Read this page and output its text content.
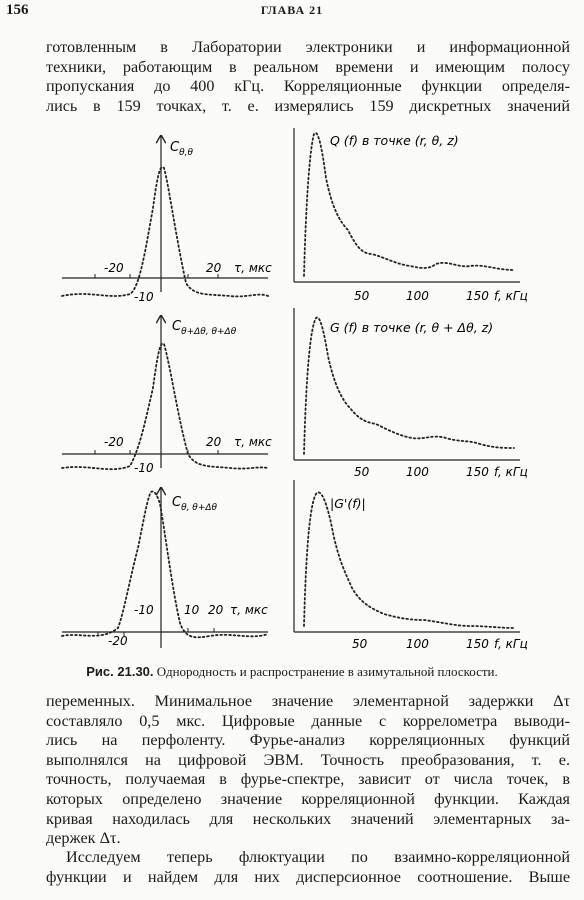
156	ГЛАВА 21
готовленным в Лаборатории электроники и информационной
техники, работающим в реальном времени и имеющим полосу
пропускания до 400 кГц. Корреляционные функции определя-
лись в 159 точках, т. е. измерялись 159 дискретных значений
$C_{\theta,\theta}$
-20
-10
20 τ, мкс
$C_{\theta+\Delta\theta, \theta+\Delta\theta}$
-20
-10
20 τ, мкс
$C_{\theta, \theta+\Delta\theta}$
-10
-20
10 20 τ, мкс
Q (f) в точке (r, θ, z)
50	100	150 f, кГц
G (f) в точке (r, θ + Δθ, z)
50	100	150 f, кГц
|G'(f)|
50	100	150 f, кГц
Рис. 21.30. Однородность и распространение в азимутальной плоскости.
переменных. Минимальное значение элементарной задержки Δτ
составляло 0,5 мкс. Цифровые данные с коррелометра выводи-
лись на перфоленту. Фурье-анализ корреляционных функций
выполнялся на цифровой ЭВМ. Точность преобразования, т. е.
точность, получаемая в фурье-спектре, зависит от числа точек, в
которых определено значение корреляционной функции. Каждая
кривая находилась для нескольких значений элементарных за-
держек Δτ.
Исследуем теперь флюктуации по взаимно-корреляционной
функции и найдем для них дисперсионное соотношение. Выше
